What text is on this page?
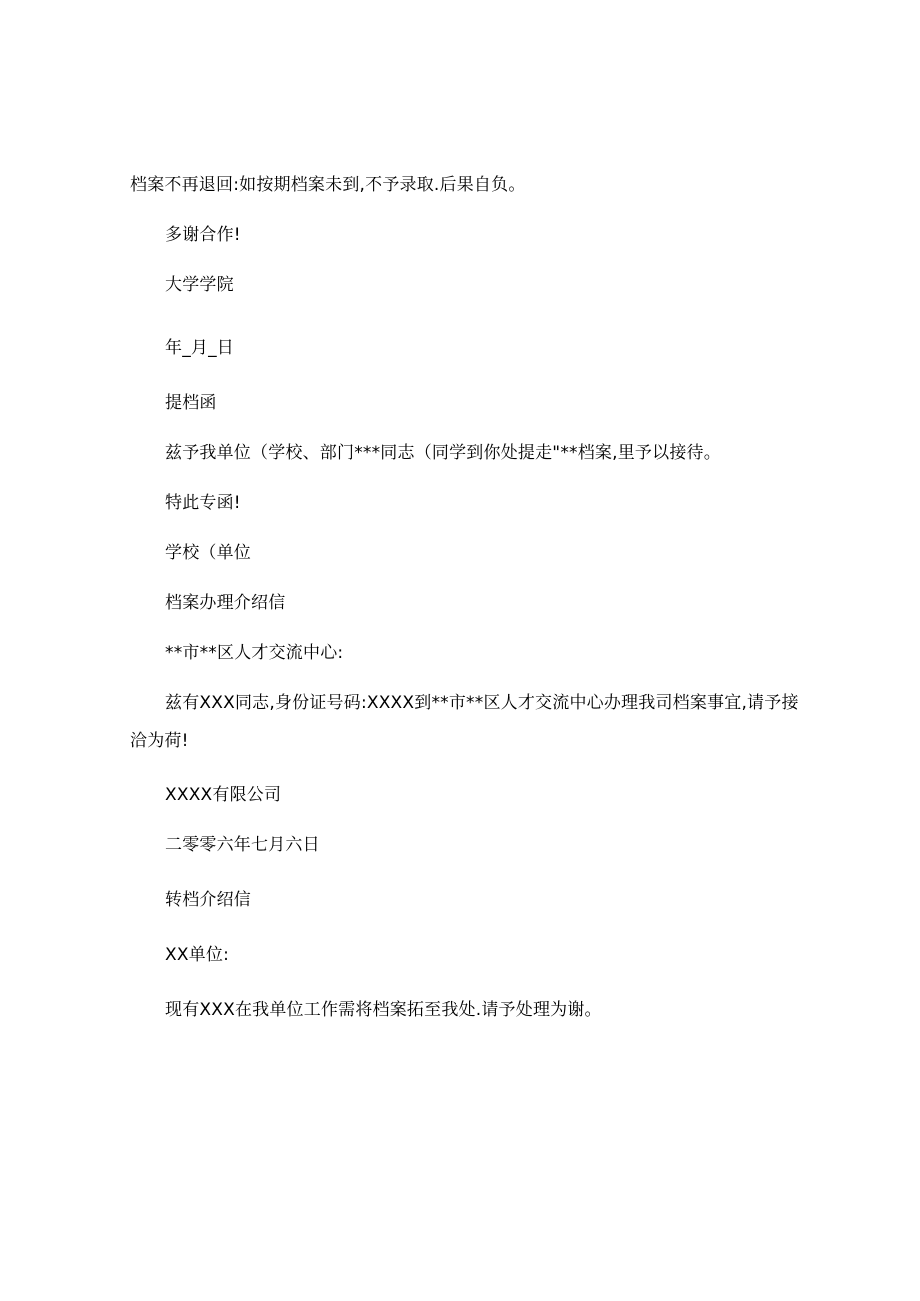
档案不再退回:如按期档案未到,不予录取.后果自负。
多谢合作!
大学学院
年_月_日
提档函
兹予我单位（学校、部门***同志（同学到你处提走"**档案,里予以接待。
特此专函!
学校（单位
档案办理介绍信
**市**区人才交流中心:
兹有XXX同志,身份证号码:XXXX到**市**区人才交流中心办理我司档案事宜,请予接
洽为荷!
XXXX有限公司
二零零六年七月六日
转档介绍信
XX单位:
现有XXX在我单位工作需将档案拓至我处.请予处理为谢。
